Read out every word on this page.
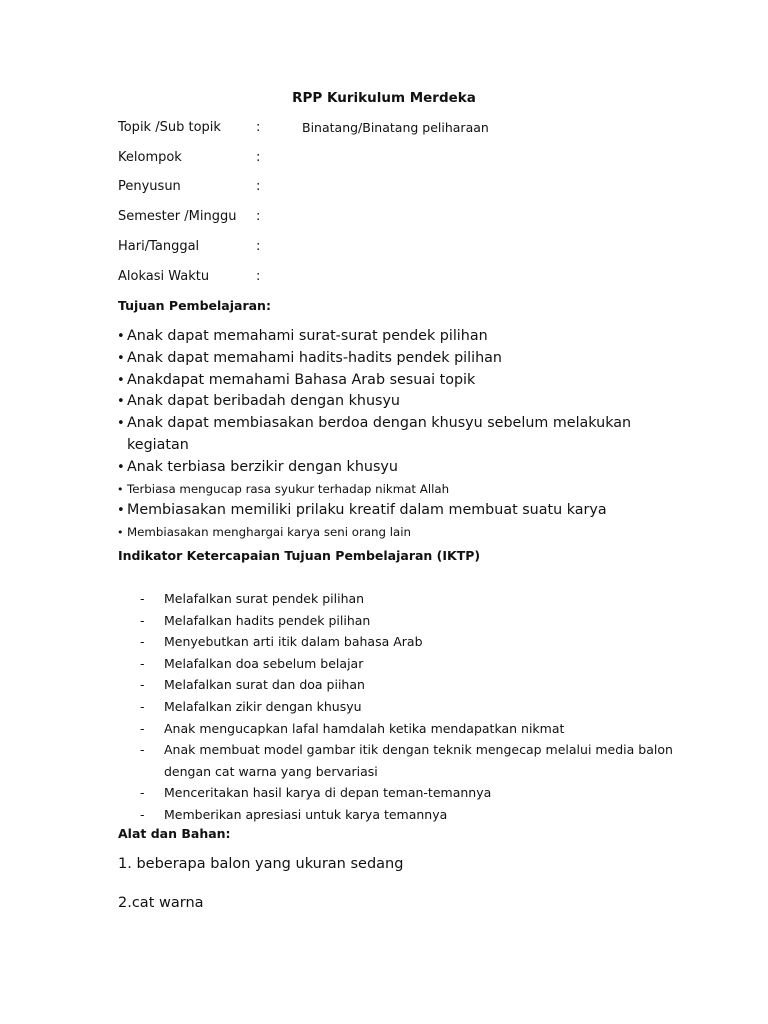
RPP Kurikulum Merdeka
Topik /Sub topik	:	Binatang/Binatang peliharaan
Kelompok	:
Penyusun	:
Semester /Minggu :
Hari/Tanggal	:
Alokasi Waktu	:
Tujuan Pembelajaran:
• Anak dapat memahami surat-surat pendek pilihan
• Anak dapat memahami hadits-hadits pendek pilihan
• Anakdapat memahami Bahasa Arab sesuai topik
• Anak dapat beribadah dengan khusyu
• Anak dapat membiasakan berdoa dengan khusyu sebelum melakukan kegiatan
• Anak terbiasa berzikir dengan khusyu
• Terbiasa mengucap rasa syukur terhadap nikmat Allah
• Membiasakan memiliki prilaku kreatif dalam membuat suatu karya
• Membiasakan menghargai karya seni orang lain
Indikator Ketercapaian Tujuan Pembelajaran (IKTP)
- Melafalkan surat pendek pilihan
- Melafalkan hadits pendek pilihan
- Menyebutkan arti itik dalam bahasa Arab
- Melafalkan doa sebelum belajar
- Melafalkan surat dan doa piihan
- Melafalkan zikir dengan khusyu
- Anak mengucapkan lafal hamdalah ketika mendapatkan nikmat
- Anak membuat model gambar itik dengan teknik mengecap melalui media balon dengan cat warna yang bervariasi
- Menceritakan hasil karya di depan teman-temannya
- Memberikan apresiasi untuk karya temannya
Alat dan Bahan:
1. beberapa balon yang ukuran sedang
2.cat warna
